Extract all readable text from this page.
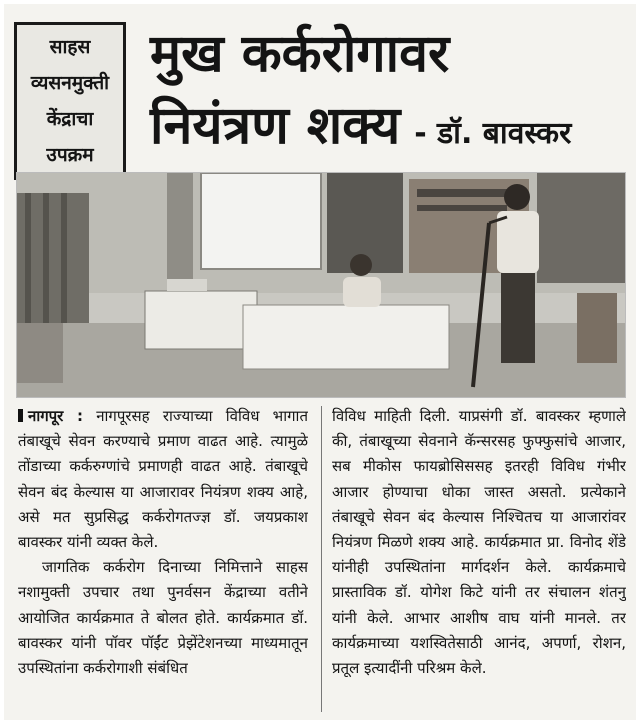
साहस
व्यसनमुक्ती
केंद्राचा
उपक्रम
मुख कर्करोगावर
नियंत्रण शक्य - डॉ. बावस्कर

नागपूर : नागपूरसह राज्याच्या विविध भागात तंबाखूचे सेवन करण्याचे प्रमाण वाढत आहे. त्यामुळे तोंडाच्या कर्करुग्णांचे प्रमाणही वाढत आहे. तंबाखूचे सेवन बंद केल्यास या आजारावर नियंत्रण शक्य आहे, असे मत सुप्रसिद्ध कर्करोगतज्ज्ञ डॉ. जयप्रकाश बावस्कर यांनी व्यक्त केले.

जागतिक कर्करोग दिनाच्या निमित्ताने साहस नशामुक्ती उपचार तथा पुनर्वसन केंद्राच्या वतीने आयोजित कार्यक्रमात ते बोलत होते. कार्यक्रमात डॉ. बावस्कर यांनी पॉवर पॉईंट प्रेझेंटेशनच्या माध्यमातून उपस्थितांना कर्करोगाशी संबंधित

विविध माहिती दिली. याप्रसंगी डॉ. बावस्कर म्हणाले की, तंबाखूच्या सेवनाने कॅन्सरसह फुफ्फुसांचे आजार, सब मीकोस फायब्रोसिससह इतरही विविध गंभीर आजार होण्याचा धोका जास्त असतो. प्रत्येकाने तंबाखूचे सेवन बंद केल्यास निश्चितच या आजारांवर नियंत्रण मिळणे शक्य आहे. कार्यक्रमात प्रा. विनोद शेंडे यांनीही उपस्थितांना मार्गदर्शन केले. कार्यक्रमाचे प्रास्ताविक डॉ. योगेश किटे यांनी तर संचालन शंतनु यांनी केले. आभार आशीष वाघ यांनी मानले. तर कार्यक्रमाच्या यशस्वितेसाठी आनंद, अपर्णा, रोशन, प्रतूल इत्यादींनी परिश्रम केले.
